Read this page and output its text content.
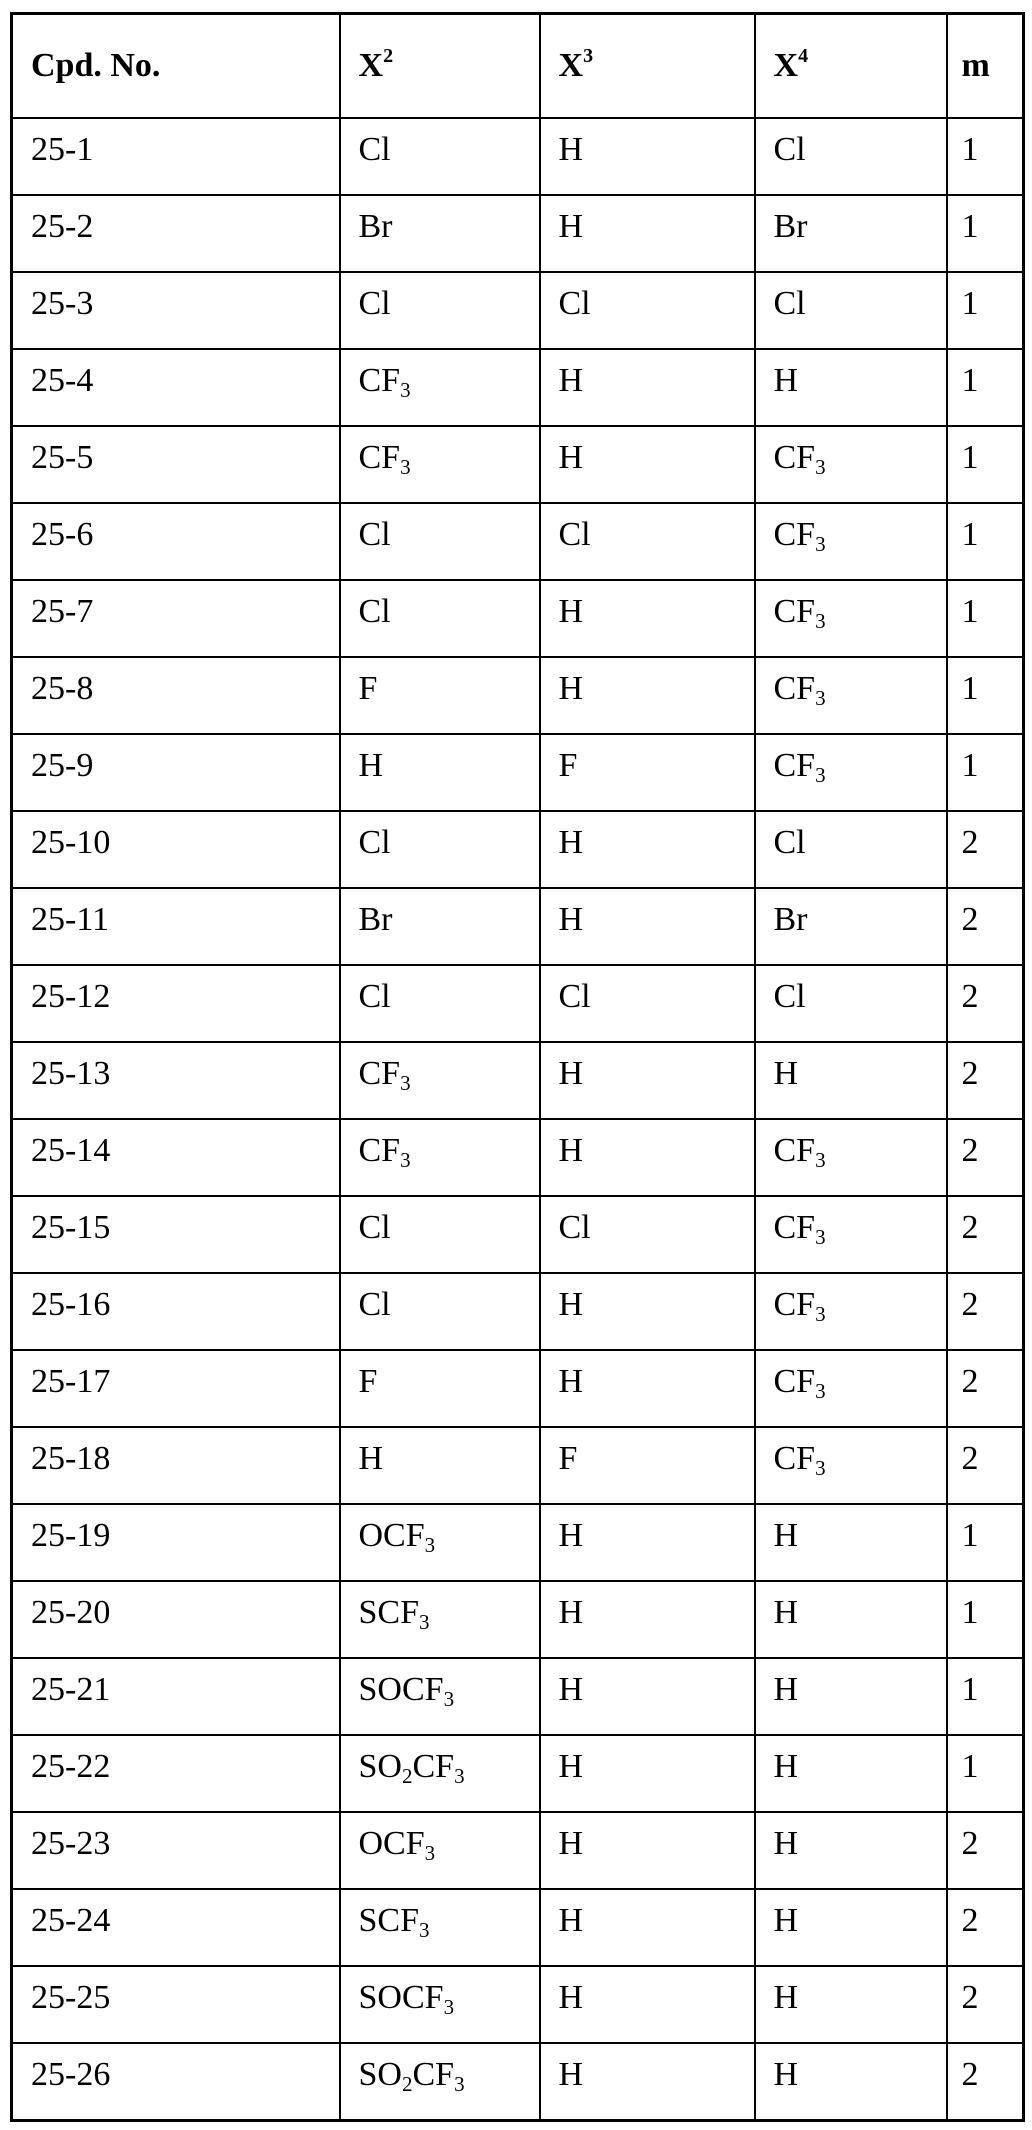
Cpd. No.	$X^2$	$X^3$	$X^4$	m
25-1	Cl	H	Cl	1
25-2	Br	H	Br	1
25-3	Cl	Cl	Cl	1
25-4	$CF_3$	H	H	1
25-5	$CF_3$	H	$CF_3$	1
25-6	Cl	Cl	$CF_3$	1
25-7	Cl	H	$CF_3$	1
25-8	F	H	$CF_3$	1
25-9	H	F	$CF_3$	1
25-10	Cl	H	Cl	2
25-11	Br	H	Br	2
25-12	Cl	Cl	Cl	2
25-13	$CF_3$	H	H	2
25-14	$CF_3$	H	$CF_3$	2
25-15	Cl	Cl	$CF_3$	2
25-16	Cl	H	$CF_3$	2
25-17	F	H	$CF_3$	2
25-18	H	F	$CF_3$	2
25-19	$OCF_3$	H	H	1
25-20	$SCF_3$	H	H	1
25-21	$SOCF_3$	H	H	1
25-22	$SO_2CF_3$	H	H	1
25-23	$OCF_3$	H	H	2
25-24	$SCF_3$	H	H	2
25-25	$SOCF_3$	H	H	2
25-26	$SO_2CF_3$	H	H	2
